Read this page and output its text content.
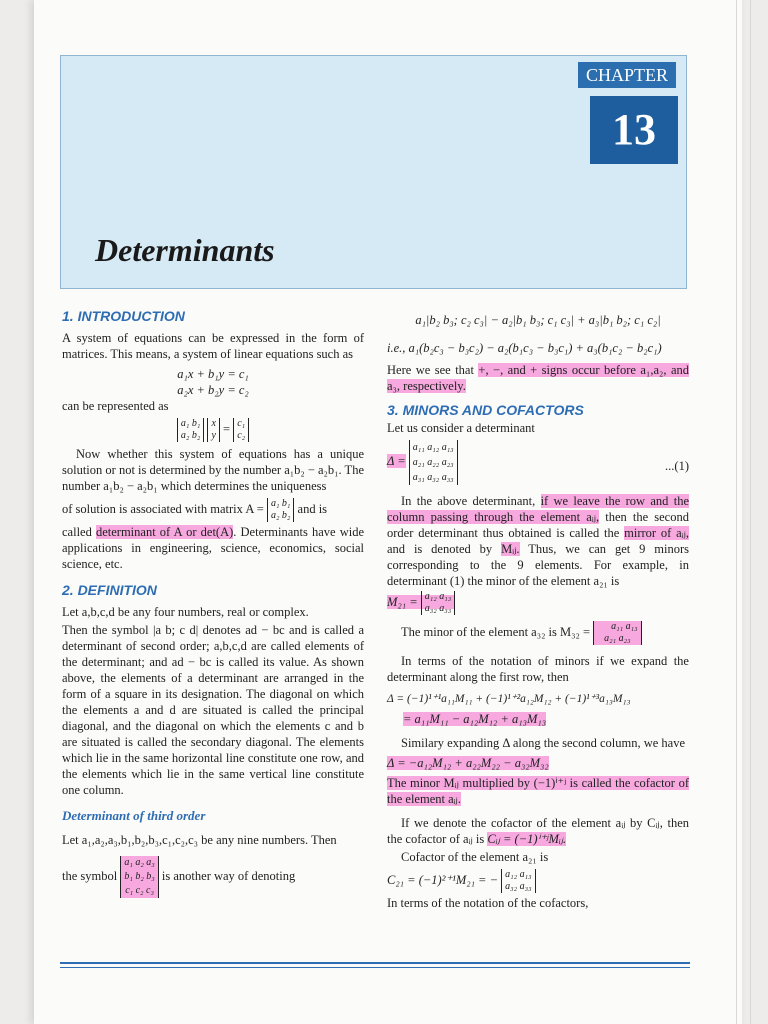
CHAPTER
13
Determinants
1. INTRODUCTION
A system of equations can be expressed in the form of matrices. This means, a system of linear equations such as
a₁x + b₁y = c₁
a₂x + b₂y = c₂
can be represented as
a₁ b₁
a₂ b₂ x
y = c₁
c₂
Now whether this system of equations has a unique solution or not is determined by the number a₁b₂ − a₂b₁. The number a₁b₂ − a₂b₁ which determines the uniqueness
of solution is associated with matrix A = a₁ b₁
a₂ b₂ and is
called determinant of A or det(A). Determinants have wide applications in engineering, science, economics, social science, etc.
2. DEFINITION
Let a,b,c,d be any four numbers, real or complex.
Then the symbol |a b; c d| denotes ad − bc and is called a determinant of second order; a,b,c,d are called elements of the determinant; and ad − bc is called its value. As shown above, the elements of a determinant are arranged in the form of a square in its designation. The diagonal on which the elements a and d are situated is called the principal diagonal, and the diagonal on which the elements c and b are situated is called the secondary diagonal. The elements which lie in the same horizontal line constitute one row, and the elements which lie in the same vertical line constitute one column.
Determinant of third order
Let a₁,a₂,a₃,b₁,b₂,b₃,c₁,c₂,c₃ be any nine numbers. Then
the symbol a₁ a₂ a₃
b₁ b₂ b₃
c₁ c₂ c₃ is another way of denoting
a₁|b₂ b₃; c₂ c₃| − a₂|b₁ b₃; c₁ c₃| + a₃|b₁ b₂; c₁ c₂|
i.e., a₁(b₂c₃ − b₃c₂) − a₂(b₁c₃ − b₃c₁) + a₃(b₁c₂ − b₂c₁)
Here we see that +, −, and + signs occur before a₁,a₂, and a₃, respectively.
3. MINORS AND COFACTORS
Let us consider a determinant
Δ = a₁₁ a₁₂ a₁₃
a₂₁ a₂₂ a₂₃
a₃₁ a₃₂ a₃₃
...(1)
In the above determinant, if we leave the row and the column passing through the element aᵢⱼ, then the second order determinant thus obtained is called the mirror of aᵢⱼ, and is denoted by Mᵢⱼ. Thus, we can get 9 minors corresponding to the 9 elements. For example, in determinant (1) the minor of the element a₂₁ is
M₂₁ = a₁₂ a₁₃
a₃₂ a₃₃
The minor of the element a₃₂ is M₃₂ = a₁₁ a₁₃
a₂₁ a₂₃
In terms of the notation of minors if we expand the determinant along the first row, then
Δ = (−1)¹⁺¹a₁₁M₁₁ + (−1)¹⁺²a₁₂M₁₂ + (−1)¹⁺³a₁₃M₁₃
= a₁₁M₁₁ − a₁₂M₁₂ + a₁₃M₁₃
Similary expanding Δ along the second column, we have
Δ = −a₁₂M₁₂ + a₂₂M₂₂ − a₃₂M₃₂
The minor Mᵢⱼ multiplied by (−1)ⁱ⁺ʲ is called the cofactor of the element aᵢⱼ.
If we denote the cofactor of the element aᵢⱼ by Cᵢⱼ, then the cofactor of aᵢⱼ is Cᵢⱼ = (−1)ⁱ⁺ʲMᵢⱼ.
Cofactor of the element a₂₁ is
C₂₁ = (−1)²⁺¹M₂₁ = − a₁₂ a₁₃
a₃₂ a₃₃
In terms of the notation of the cofactors,
